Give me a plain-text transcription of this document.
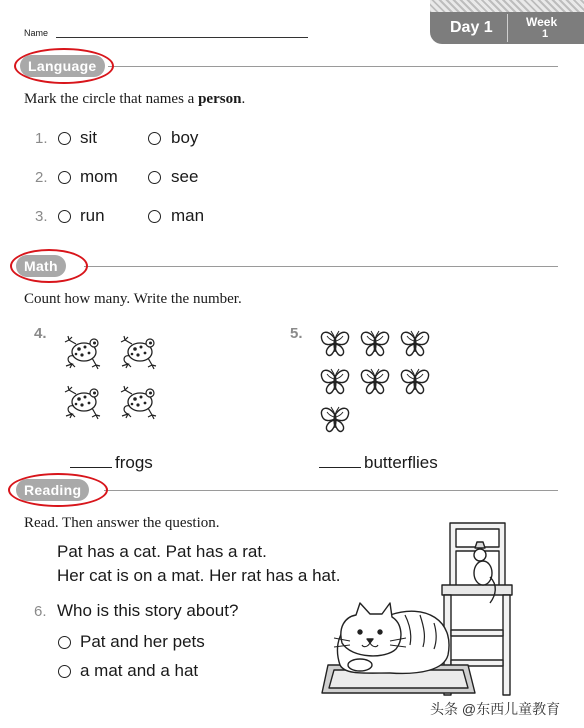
Name	Day 1	Week
1
Language
Mark the circle that names a person.
1. sit	boy
2. mom	see
3. run	man
Math
Count how many. Write the number.
4.	5.
frogs	butterflies
Reading
Read. Then answer the question.
Pat has a cat. Pat has a rat.
Her cat is on a mat. Her rat has a hat.
6. Who is this story about?
Pat and her pets
a mat and a hat
头条 @东西儿童教育
